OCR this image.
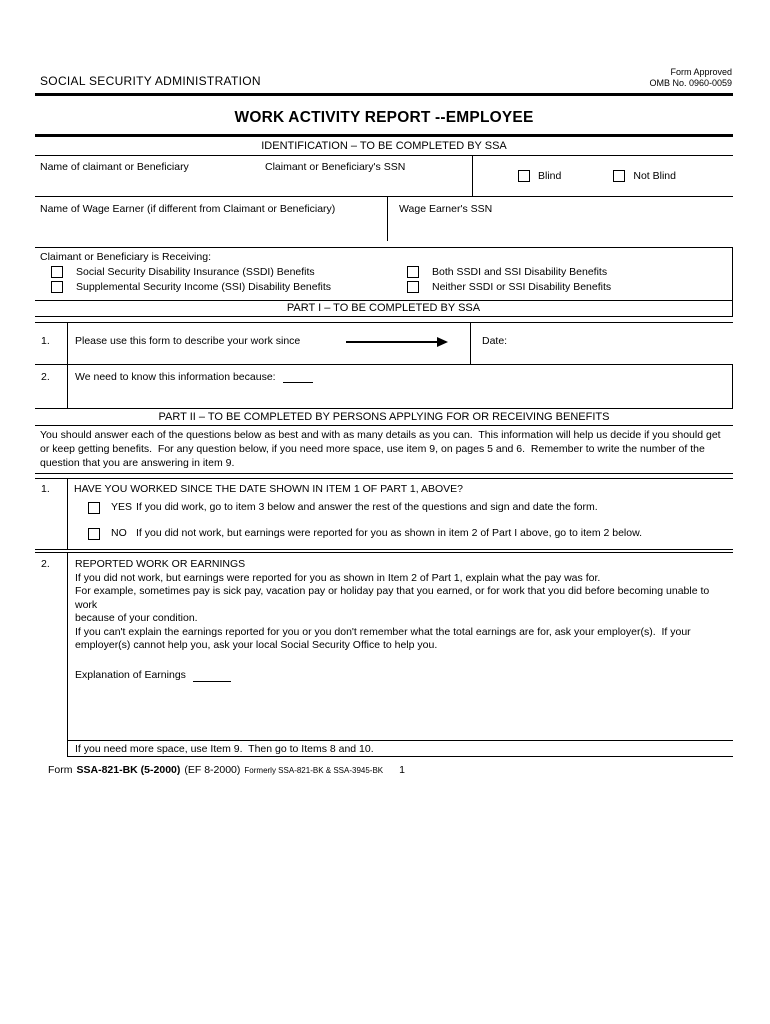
SOCIAL SECURITY ADMINISTRATION
Form Approved
OMB No. 0960-0059
WORK ACTIVITY REPORT --EMPLOYEE
IDENTIFICATION – TO BE COMPLETED BY SSA
Name of claimant or Beneficiary	Claimant or Beneficiary's SSN
Blind	Not Blind
Name of Wage Earner (if different from Claimant or Beneficiary)	Wage Earner's SSN
Claimant or Beneficiary is Receiving:
Social Security Disability Insurance (SSDI) Benefits	Both SSDI and SSI Disability Benefits
Supplemental Security Income (SSI) Disability Benefits	Neither SSDI or SSI Disability Benefits
PART I – TO BE COMPLETED BY SSA
1.	Please use this form to describe your work since	Date:
2.	We need to know this information because:
PART II – TO BE COMPLETED BY PERSONS APPLYING FOR OR RECEIVING BENEFITS
You should answer each of the questions below as best and with as many details as you can.  This information will help us decide if you should get
or keep getting benefits.  For any question below, if you need more space, use item 9, on pages 5 and 6.  Remember to write the number of the
question that you are answering in item 9.
1.	HAVE YOU WORKED SINCE THE DATE SHOWN IN ITEM 1 OF PART 1, ABOVE?
YES If you did work, go to item 3 below and answer the rest of the questions and sign and date the form.
NO If you did not work, but earnings were reported for you as shown in item 2 of Part I above, go to item 2 below.
2.	REPORTED WORK OR EARNINGS
If you did not work, but earnings were reported for you as shown in Item 2 of Part 1, explain what the pay was for.
For example, sometimes pay is sick pay, vacation pay or holiday pay that you earned, or for work that you did before becoming unable to work
because of your condition.
If you can't explain the earnings reported for you or you don't remember what the total earnings are for, ask your employer(s).  If your
employer(s) cannot help you, ask your local Social Security Office to help you.
Explanation of Earnings
If you need more space, use Item 9.  Then go to Items 8 and 10.
Form SSA-821-BK (5-2000) (EF 8-2000) Formerly SSA-821-BK & SSA-3945-BK 1
